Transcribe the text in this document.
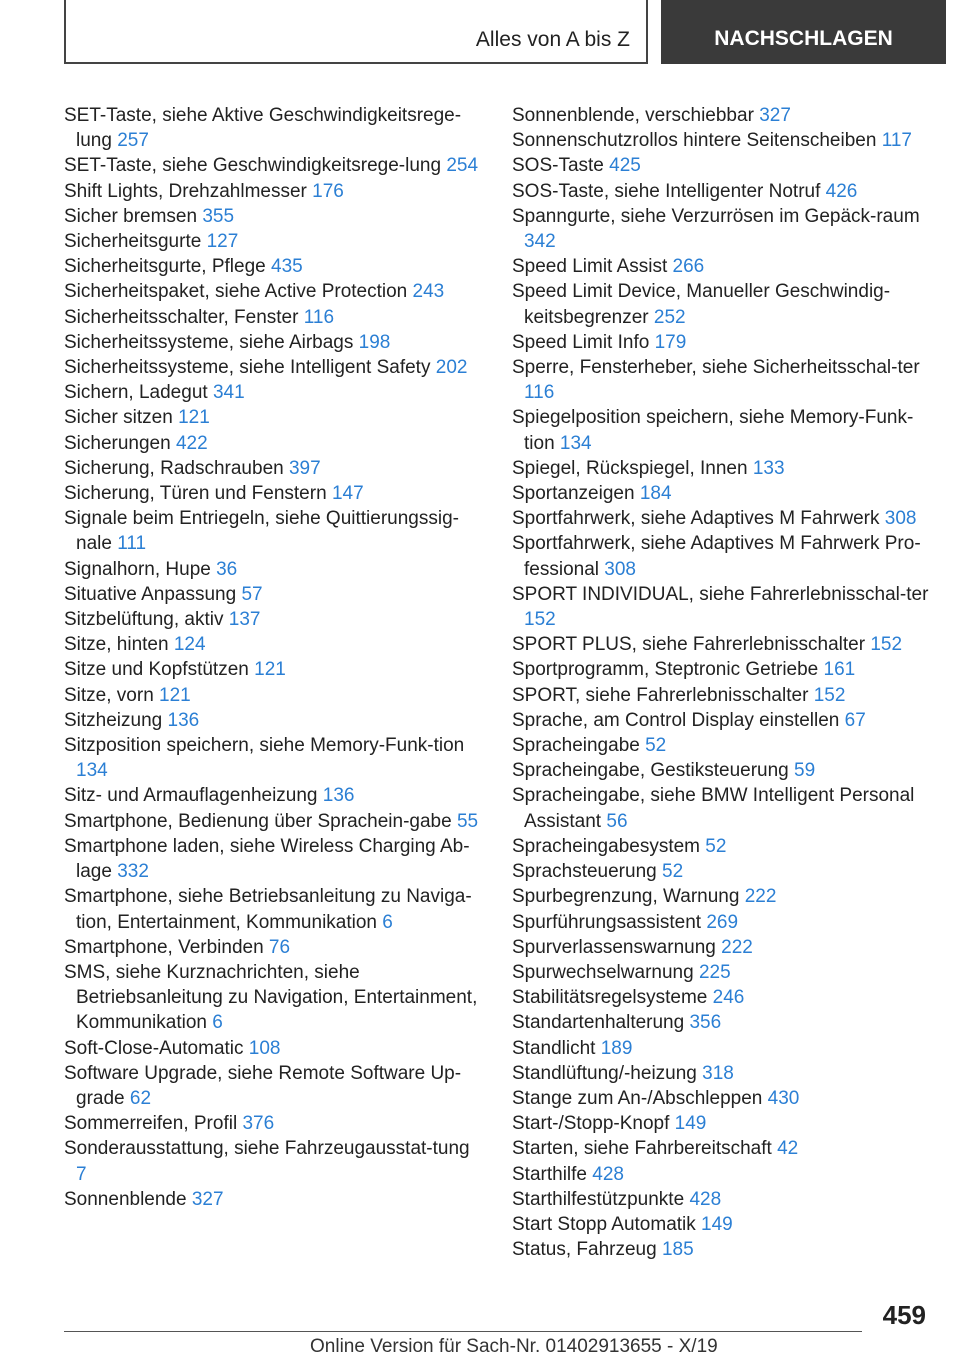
Alles von A bis Z	NACHSCHLAGEN
SET-Taste, siehe Aktive Geschwindigkeitsrege-lung 257
SET-Taste, siehe Geschwindigkeitsrege-lung 254
Shift Lights, Drehzahlmesser 176
Sicher bremsen 355
Sicherheitsgurte 127
Sicherheitsgurte, Pflege 435
Sicherheitspaket, siehe Active Protection 243
Sicherheitsschalter, Fenster 116
Sicherheitssysteme, siehe Airbags 198
Sicherheitssysteme, siehe Intelligent Safety 202
Sichern, Ladegut 341
Sicher sitzen 121
Sicherungen 422
Sicherung, Radschrauben 397
Sicherung, Türen und Fenstern 147
Signale beim Entriegeln, siehe Quittierungssig-nale 111
Signalhorn, Hupe 36
Situative Anpassung 57
Sitzbelüftung, aktiv 137
Sitze, hinten 124
Sitze und Kopfstützen 121
Sitze, vorn 121
Sitzheizung 136
Sitzposition speichern, siehe Memory-Funk-tion 134
Sitz- und Armauflagenheizung 136
Smartphone, Bedienung über Sprachein-gabe 55
Smartphone laden, siehe Wireless Charging Ab-lage 332
Smartphone, siehe Betriebsanleitung zu Naviga-tion, Entertainment, Kommunikation 6
Smartphone, Verbinden 76
SMS, siehe Kurznachrichten, siehe Betriebsanleitung zu Navigation, Entertainment, Kommunikation 6
Soft-Close-Automatic 108
Software Upgrade, siehe Remote Software Up-grade 62
Sommerreifen, Profil 376
Sonderausstattung, siehe Fahrzeugausstat-tung 7
Sonnenblende 327
Sonnenblende, verschiebbar 327
Sonnenschutzrollos hintere Seitenscheiben 117
SOS-Taste 425
SOS-Taste, siehe Intelligenter Notruf 426
Spanngurte, siehe Verzurrösen im Gepäck-raum 342
Speed Limit Assist 266
Speed Limit Device, Manueller Geschwindig-keitsbegrenzer 252
Speed Limit Info 179
Sperre, Fensterheber, siehe Sicherheitsschal-ter 116
Spiegelposition speichern, siehe Memory-Funk-tion 134
Spiegel, Rückspiegel, Innen 133
Sportanzeigen 184
Sportfahrwerk, siehe Adaptives M Fahrwerk 308
Sportfahrwerk, siehe Adaptives M Fahrwerk Pro-fessional 308
SPORT INDIVIDUAL, siehe Fahrerlebnisschal-ter 152
SPORT PLUS, siehe Fahrerlebnisschalter 152
Sportprogramm, Steptronic Getriebe 161
SPORT, siehe Fahrerlebnisschalter 152
Sprache, am Control Display einstellen 67
Spracheingabe 52
Spracheingabe, Gestiksteuerung 59
Spracheingabe, siehe BMW Intelligent Personal Assistant 56
Spracheingabesystem 52
Sprachsteuerung 52
Spurbegrenzung, Warnung 222
Spurführungsassistent 269
Spurverlassenswarnung 222
Spurwechselwarnung 225
Stabilitätsregelsysteme 246
Standartenhalterung 356
Standlicht 189
Standlüftung/-heizung 318
Stange zum An-/Abschleppen 430
Start-/Stopp-Knopf 149
Starten, siehe Fahrbereitschaft 42
Starthilfe 428
Starthilfestützpunkte 428
Start Stopp Automatik 149
Status, Fahrzeug 185
459
Online Version für Sach-Nr. 01402913655 - X/19
